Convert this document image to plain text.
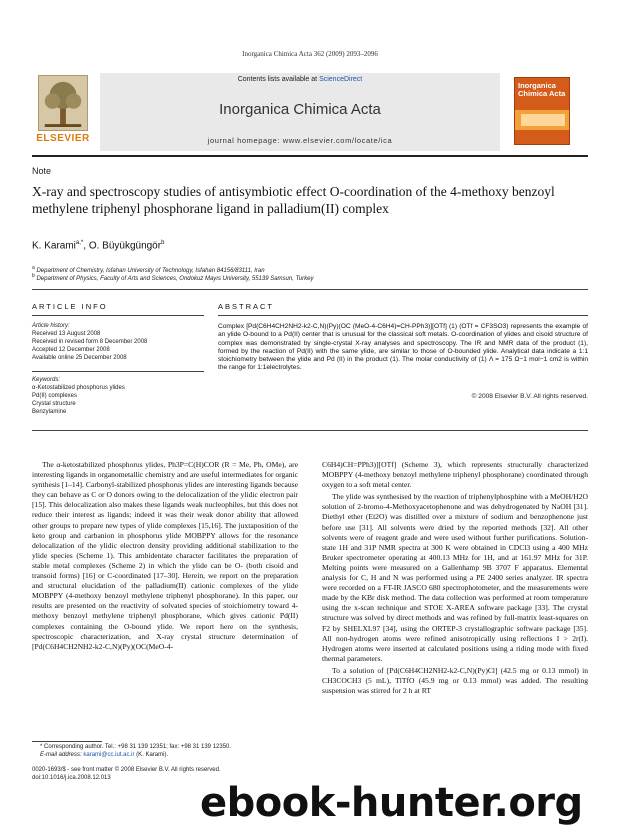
Inorganica Chimica Acta 362 (2009) 2093–2096
ELSEVIER
Contents lists available at ScienceDirect
Inorganica Chimica Acta
journal homepage: www.elsevier.com/locate/ica
Inorganica Chimica Acta
Note
X-ray and spectroscopy studies of antisymbiotic effect O-coordination of the 4-methoxy benzoyl methylene triphenyl phosphorane ligand in palladium(II) complex
K. Karami$^{a,*}$, O. Büyükgüngör$^b$
$^a$ Department of Chemistry, Isfahan University of Technology, Isfahan 84156/83111, Iran
$^b$ Department of Physics, Faculty of Arts and Sciences, Ondokuz Mayıs University, 55139 Samsun, Turkey
ARTICLE INFO	ABSTRACT
Article history:
Received 13 August 2008
Received in revised form 8 December 2008
Accepted 12 December 2008
Available online 25 December 2008
Keywords:
α-Ketostabilized phosphorus ylides
Pd(II) complexes
Crystal structure
Benzylamine
Complex [Pd(C6H4CH2NH2-k2-C,N)(Py)(OC (MeO-4-C6H4)=CH-PPh3)][OTf] (1) (OTf = CF3SO3) represents the example of an ylide O-bound to a Pd(II) center that is unusual for the classical soft metals. O-coordination of ylides and cisoid structure of complex was demonstrated by single-crystal X-ray analyses and spectroscopy. The IR and NMR data of the product (1), formed by the reaction of Pd(II) with the same ylide, are similar to those of O-bounded ylide. Analytical data indicate a 1:1 stoichiometry between the ylide and Pd (II) in the product (1). The molar conductivity of (1) Λ = 175 Ω−1 mol−1 cm2 is within the range for 1:1electrolytes.
© 2008 Elsevier B.V. All rights reserved.

The α-ketostabilized phosphorus ylides, Ph3P=C(H)COR (R = Me, Ph, OMe), are interesting ligands in organometallic chemistry and are useful intermediates for organic synthesis [1–14]. Carbonyl-stabilized phosphorus ylides are interesting ligands because they can behave as C or O donors owing to the delocalization of the ylidic electron pair [15]. This delocalization also makes these ligands weak nucleophiles, but this does not reduce their interest as ligands; indeed it was their weak donor ability that allowed other groups to prepare new types of ylide complexes [15,16]. The juxtaposition of the keto group and carbanion in phosphorus ylide MOBPPY allows for the resonance delocalization of the ylidic electron density providing additional stabilization to the ylide species (Scheme 1). This ambidentate character facilitates the preparation of stable metal complexes (Scheme 2) in which the ylide can be O- (both cisoid and transoid forms) [16] or C-coordinated [17–30]. Herein, we report on the preparation and structural elucidation of the palladium(II) cationic complexes of the ylide MOBPPY (4-methoxy benzoyl methylene triphenyl phosphorane). In this paper, our results are presented on the reactivity of solvated species of stoichiometry toward 4-methoxy benzoyl methylene triphenyl phosphorane, which gives cationic Pd(II) complexes containing the O-bound ylide. We report here on the synthesis, spectroscopic characterization, and X-ray crystal structure determination of [Pd(C6H4CH2NH2-k2-C,N)(Py)(OC(MeO-4-

C6H4)CH=PPh3)][OTf] (Scheme 3), which represents structurally characterized MOBPPY (4-methoxy benzoyl methylene triphenyl phosphorane) coordinated through oxygen to a soft metal center.

The ylide was synthesised by the reaction of triphenylphosphine with a MeOH/H2O solution of 2-bromo-4-Methoxyacetophenone and was dehydrogenated by NaOH [31]. Diethyl ether (Et2O) was distilled over a mixture of sodium and benzophenone just before use [31]. All solvents were dried by the reported methods [32]. All other solvents were of reagent grade and were used without further purifications. Solution-state 1H and 31P NMR spectra at 300 K were obtained in CDCl3 using a 400 MHz Bruker spectrometer operating at 400.13 MHz for 1H, and at 161.97 MHz for 31P. Melting points were measured on a Gallenhamp 9B 3707 F apparatus. Elemental analysis for C, H and N was performed using a PE 2400 series analyzer. IR spectra were recorded on a FT-IR JASCO 680 spectrophotometer, and the measurements were made by the KBr disk method. The data collection was performed at room temperature using the x-scan technique and STOE X-AREA software package [33]. The crystal structure was solved by direct methods and was refined by full-matrix least-squares on F2 by SHELXL97 [34], using the ORTEP-3 crystallographic software package [35]. All non-hydrogen atoms were refined anisotropically using reflections I > 2r(I). Hydrogen atoms were inserted at calculated positions using a riding mode with fixed thermal parameters.

To a solution of [Pd(C6H4CH2NH2-k2-C,N)(Py)Cl] (42.5 mg or 0.13 mmol) in CH3COCH3 (5 mL), TlTfO (45.9 mg or 0.13 mmol) was added. The resulting suspension was stirred for 2 h at RT

* Corresponding author. Tel.: +98 31 139 12351; fax: +98 31 139 12350.
E-mail address: karami@cc.iut.ac.ir (K. Karami).
0020-1693/$ - see front matter © 2008 Elsevier B.V. All rights reserved.
doi:10.1016/j.ica.2008.12.013
ebook-hunter.org
